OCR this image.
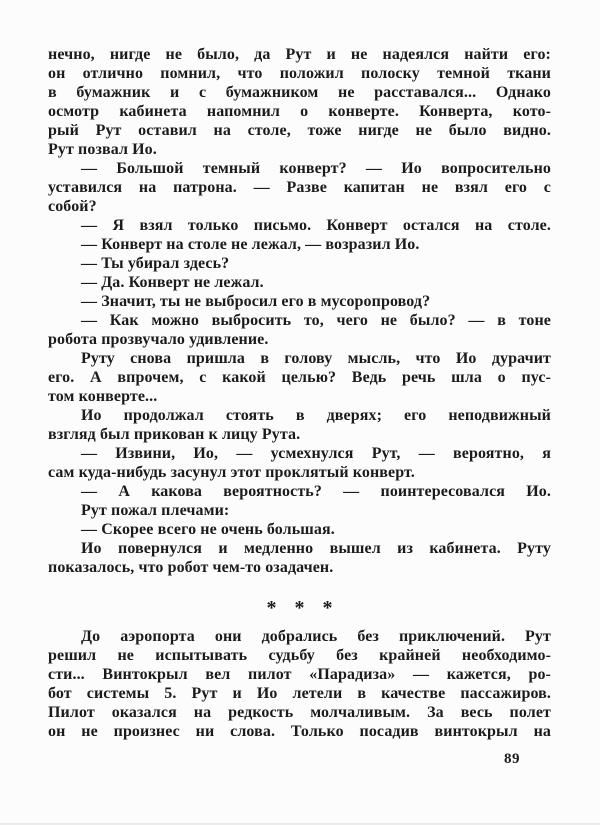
нечно, нигде не было, да Рут и не надеялся найти его:
он отлично помнил, что положил полоску темной ткани
в бумажник и с бумажником не расставался... Однако
осмотр кабинета напомнил о конверте. Конверта, кото-
рый Рут оставил на столе, тоже нигде не было видно.
Рут позвал Ио.
— Большой темный конверт? — Ио вопросительно
уставился на патрона. — Разве капитан не взял его с
собой?
— Я взял только письмо. Конверт остался на столе.
— Конверт на столе не лежал, — возразил Ио.
— Ты убирал здесь?
— Да. Конверт не лежал.
— Значит, ты не выбросил его в мусоропровод?
— Как можно выбросить то, чего не было? — в тоне
робота прозвучало удивление.
Руту снова пришла в голову мысль, что Ио дурачит
его. А впрочем, с какой целью? Ведь речь шла о пус-
том конверте...
Ио продолжал стоять в дверях; его неподвижный
взгляд был прикован к лицу Рута.
— Извини, Ио, — усмехнулся Рут, — вероятно, я
сам куда-нибудь засунул этот проклятый конверт.
— А какова вероятность? — поинтересовался Ио.
Рут пожал плечами:
— Скорее всего не очень большая.
Ио повернулся и медленно вышел из кабинета. Руту
показалось, что робот чем-то озадачен.
* * *
До аэропорта они добрались без приключений. Рут
решил не испытывать судьбу без крайней необходимо-
сти... Винтокрыл вел пилот «Парадиза» — кажется, ро-
бот системы 5. Рут и Ио летели в качестве пассажиров.
Пилот оказался на редкость молчаливым. За весь полет
он не произнес ни слова. Только посадив винтокрыл на
89
